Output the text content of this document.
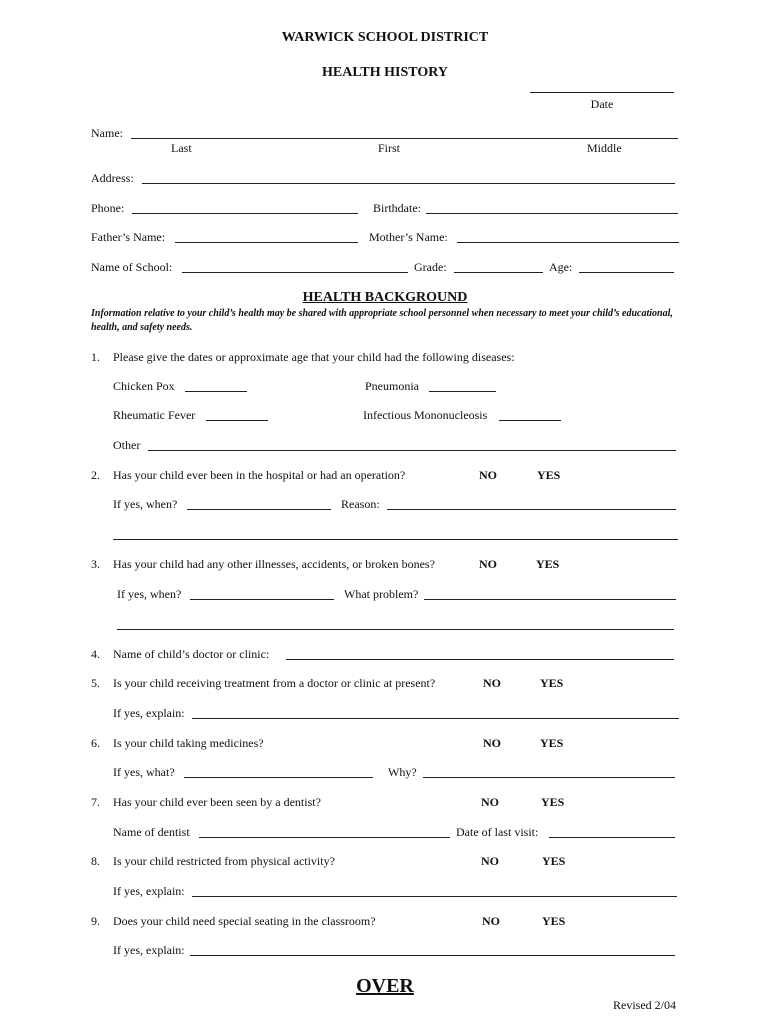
WARWICK SCHOOL DISTRICT
HEALTH HISTORY
Date
Name:
Last	First	Middle
Address:
Phone:	Birthdate:
Father’s Name:	Mother’s Name:
Name of School:	Grade:	Age:
HEALTH BACKGROUND
Information relative to your child’s health may be shared with appropriate school personnel when necessary to meet your child’s educational, health, and safety needs.
1. Please give the dates or approximate age that your child had the following diseases:
Chicken Pox	Pneumonia
Rheumatic Fever	Infectious Mononucleosis
Other
2. Has your child ever been in the hospital or had an operation?	NO	YES
If yes, when?	Reason:
3. Has your child had any other illnesses, accidents, or broken bones?	NO	YES
If yes, when?	What problem?
4. Name of child’s doctor or clinic:
5. Is your child receiving treatment from a doctor or clinic at present?	NO	YES
If yes, explain:
6. Is your child taking medicines?	NO	YES
If yes, what?	Why?
7. Has your child ever been seen by a dentist?	NO	YES
Name of dentist	Date of last visit:
8. Is your child restricted from physical activity?	NO	YES
If yes, explain:
9. Does your child need special seating in the classroom?	NO	YES
If yes, explain:
OVER
Revised 2/04
